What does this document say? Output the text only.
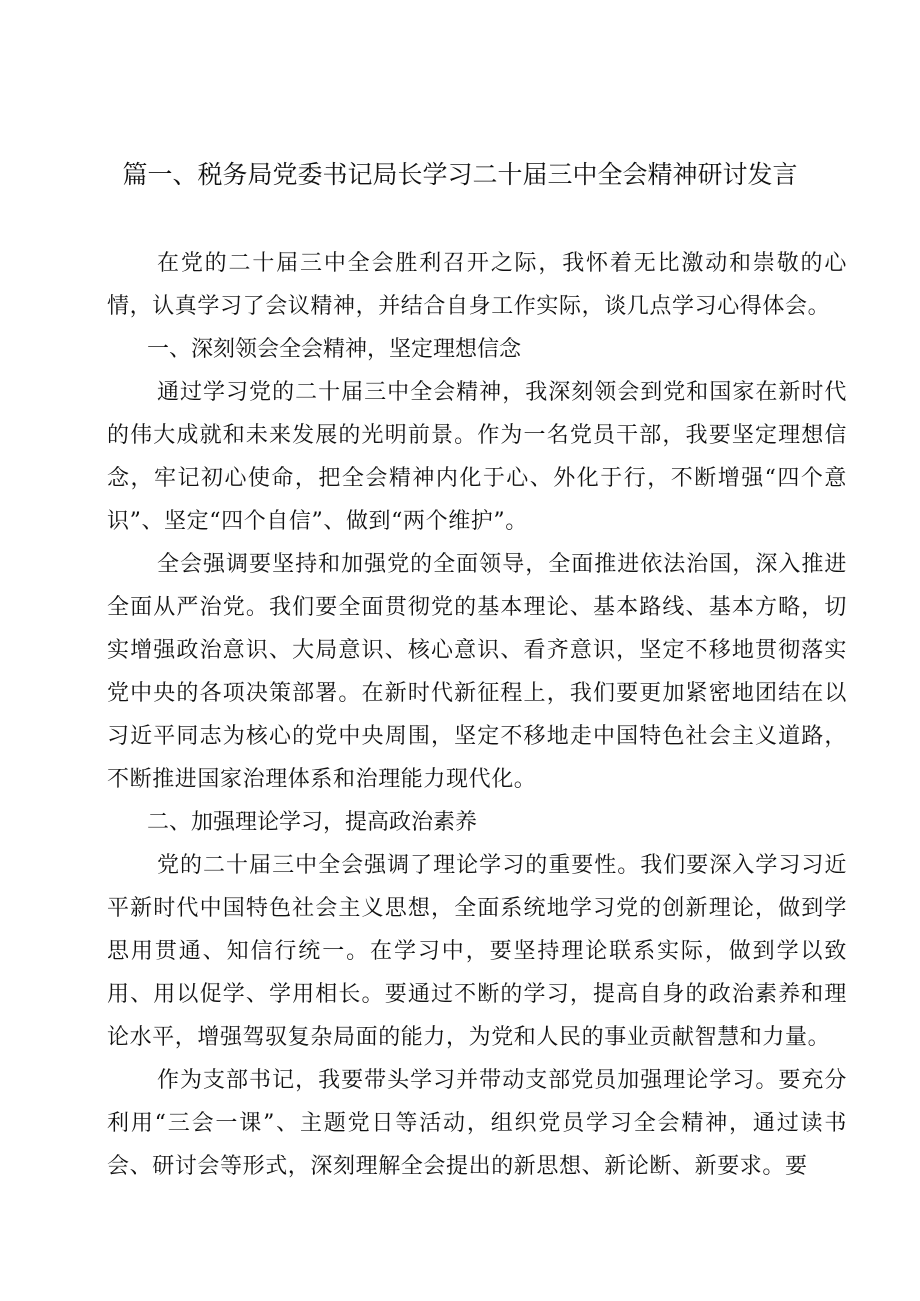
篇一、税务局党委书记局长学习二十届三中全会精神研讨发言

在党的二十届三中全会胜利召开之际，我怀着无比激动和崇敬的心情，认真学习了会议精神，并结合自身工作实际，谈几点学习心得体会。

一、深刻领会全会精神，坚定理想信念

通过学习党的二十届三中全会精神，我深刻领会到党和国家在新时代的伟大成就和未来发展的光明前景。作为一名党员干部，我要坚定理想信念，牢记初心使命，把全会精神内化于心、外化于行，不断增强“四个意识”、坚定“四个自信”、做到“两个维护”。

全会强调要坚持和加强党的全面领导，全面推进依法治国，深入推进全面从严治党。我们要全面贯彻党的基本理论、基本路线、基本方略，切实增强政治意识、大局意识、核心意识、看齐意识，坚定不移地贯彻落实党中央的各项决策部署。在新时代新征程上，我们要更加紧密地团结在以习近平同志为核心的党中央周围，坚定不移地走中国特色社会主义道路，不断推进国家治理体系和治理能力现代化。

二、加强理论学习，提高政治素养

党的二十届三中全会强调了理论学习的重要性。我们要深入学习习近平新时代中国特色社会主义思想，全面系统地学习党的创新理论，做到学思用贯通、知信行统一。在学习中，要坚持理论联系实际，做到学以致用、用以促学、学用相长。要通过不断的学习，提高自身的政治素养和理论水平，增强驾驭复杂局面的能力，为党和人民的事业贡献智慧和力量。

作为支部书记，我要带头学习并带动支部党员加强理论学习。要充分利用“三会一课”、主题党日等活动，组织党员学习全会精神，通过读书会、研讨会等形式，深刻理解全会提出的新思想、新论断、新要求。要
